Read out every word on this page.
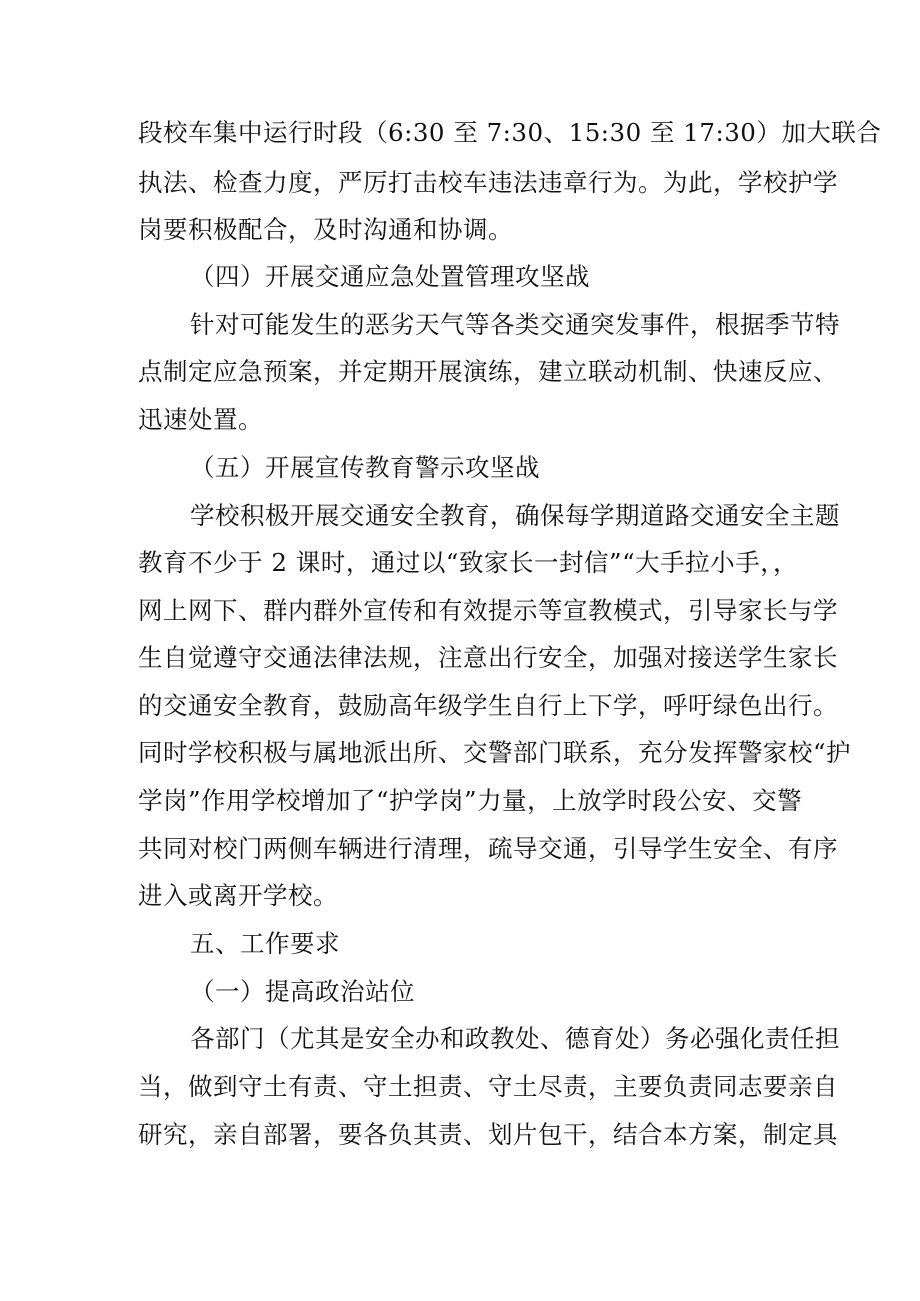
段校车集中运行时段（6:30 至 7:30、15:30 至 17:30）加大联合
执法、检查力度，严厉打击校车违法违章行为。为此，学校护学
岗要积极配合，及时沟通和协调。
（四）开展交通应急处置管理攻坚战
针对可能发生的恶劣天气等各类交通突发事件，根据季节特
点制定应急预案，并定期开展演练，建立联动机制、快速反应、
迅速处置。
（五）开展宣传教育警示攻坚战
学校积极开展交通安全教育，确保每学期道路交通安全主题
教育不少于 2 课时，通过以“致家长一封信”“大手拉小手，，
网上网下、群内群外宣传和有效提示等宣教模式，引导家长与学
生自觉遵守交通法律法规，注意出行安全，加强对接送学生家长
的交通安全教育，鼓励高年级学生自行上下学，呼吁绿色出行。
同时学校积极与属地派出所、交警部门联系，充分发挥警家校“护
学岗”作用学校增加了“护学岗”力量，上放学时段公安、交警
共同对校门两侧车辆进行清理，疏导交通，引导学生安全、有序
进入或离开学校。
五、工作要求
（一）提高政治站位
各部门（尤其是安全办和政教处、德育处）务必强化责任担
当，做到守土有责、守土担责、守土尽责，主要负责同志要亲自
研究，亲自部署，要各负其责、划片包干，结合本方案，制定具
